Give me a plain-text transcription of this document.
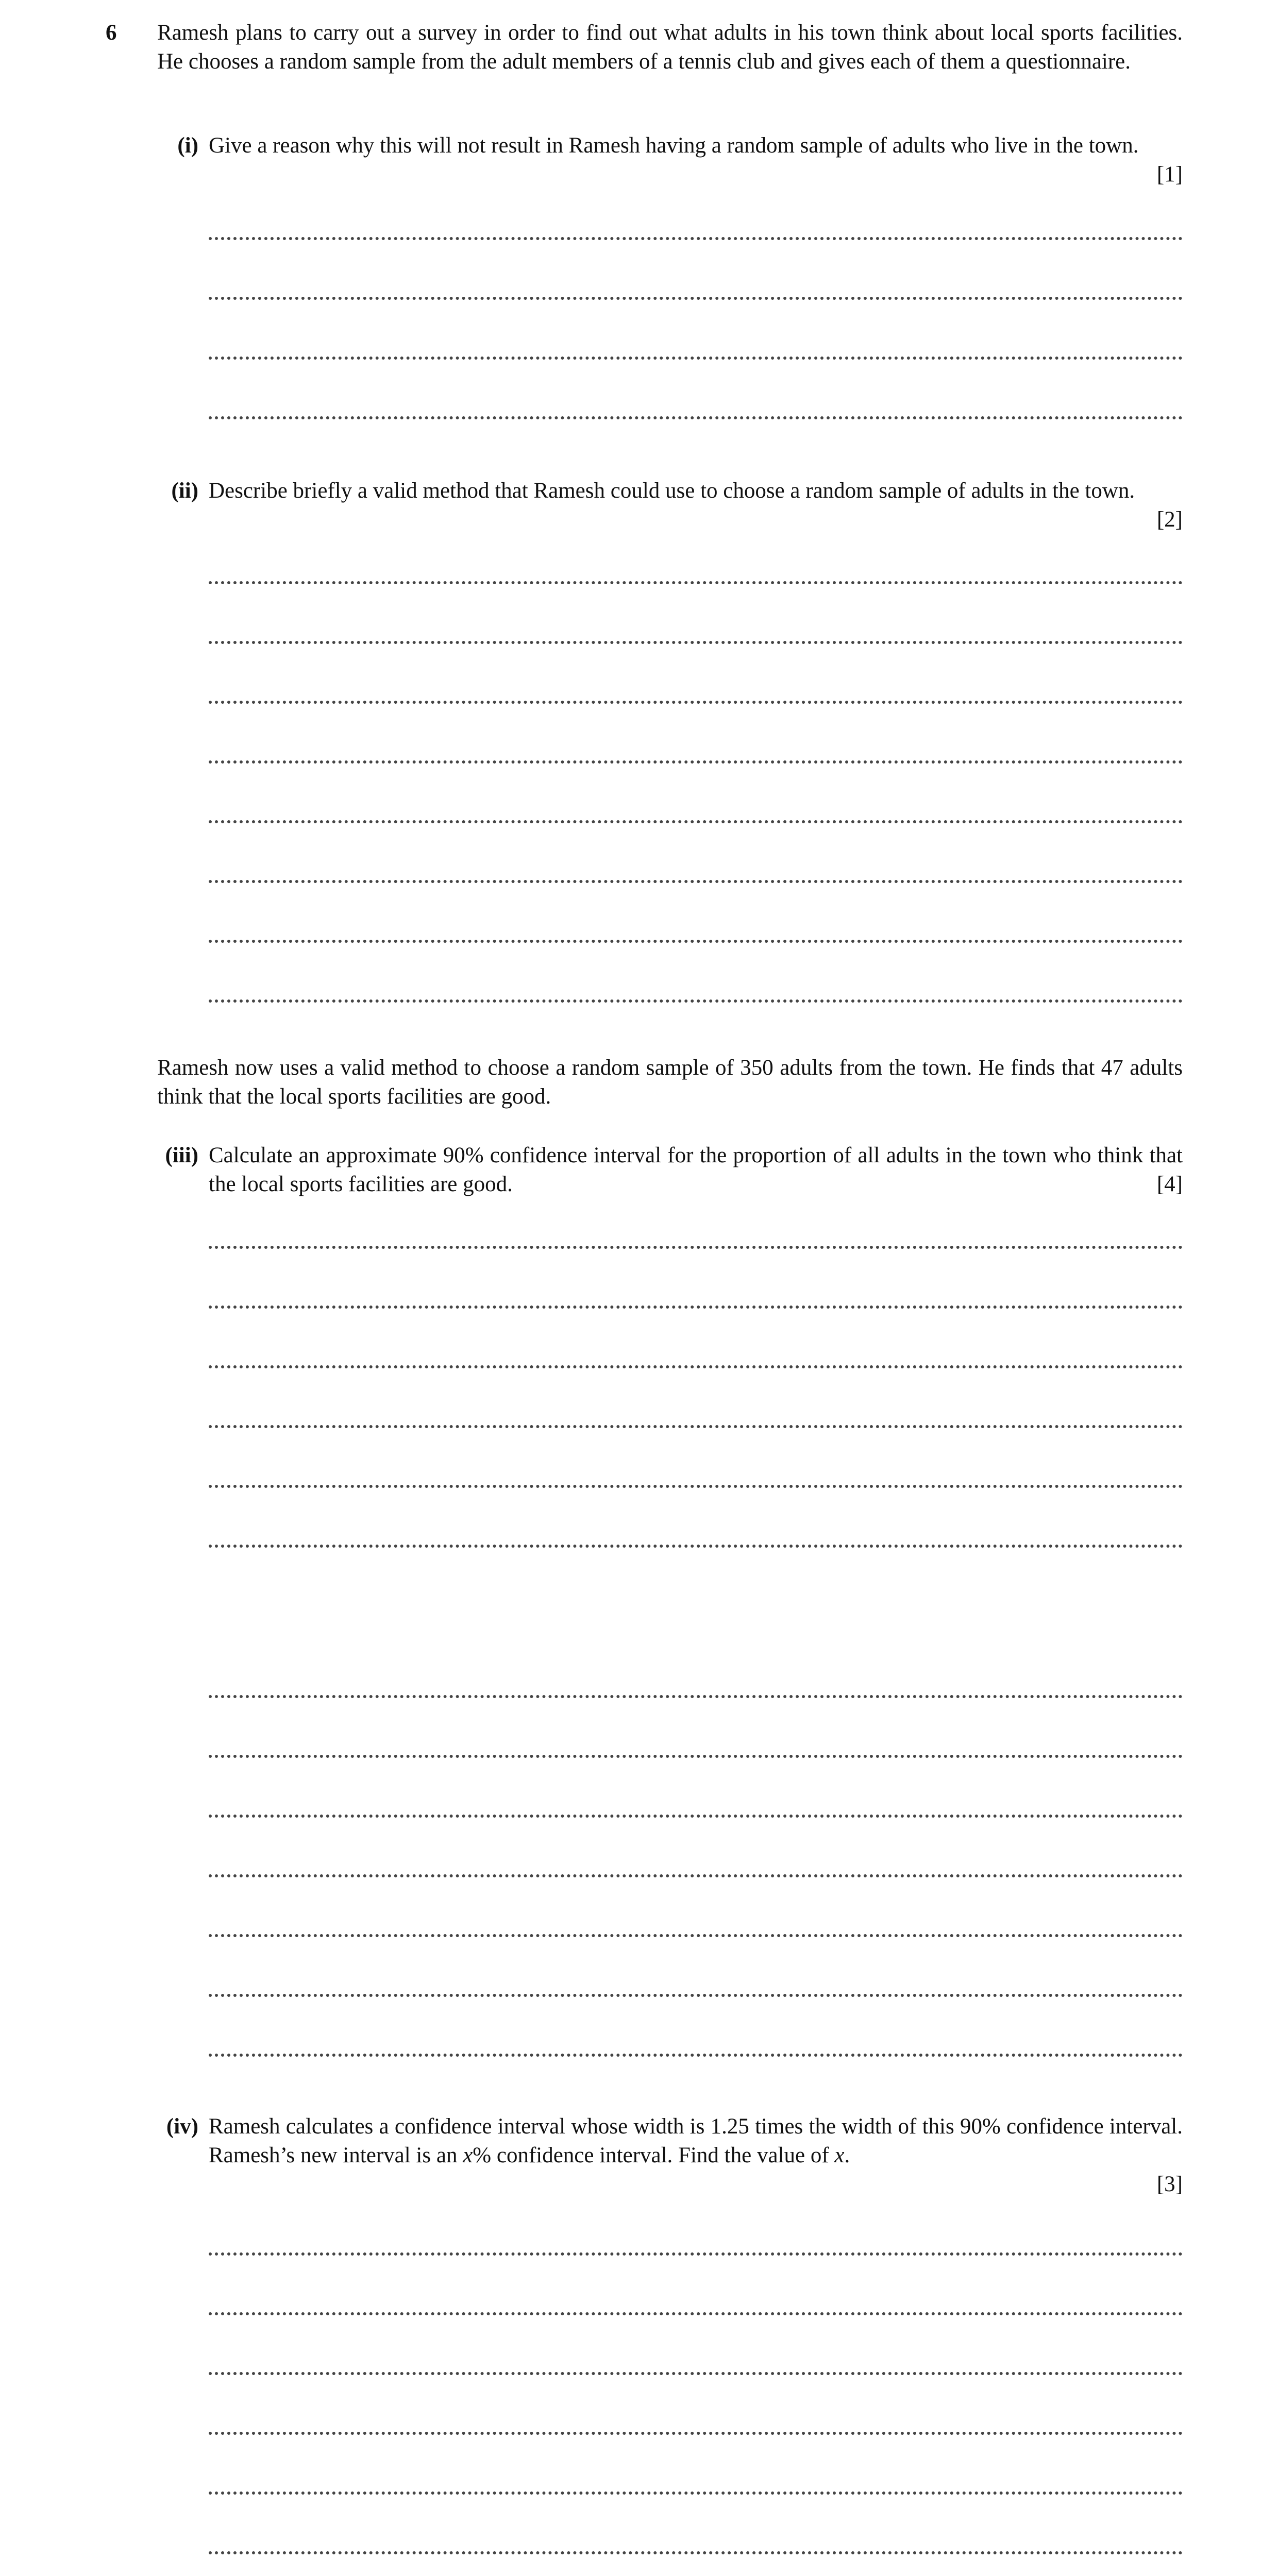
6 Ramesh plans to carry out a survey in order to find out what adults in his town think about local sports facilities. He chooses a random sample from the adult members of a tennis club and gives each of them a questionnaire.

(i) Give a reason why this will not result in Ramesh having a random sample of adults who live in the town.

[1]
(ii) Describe briefly a valid method that Ramesh could use to choose a random sample of adults in the town.

[2]

Ramesh now uses a valid method to choose a random sample of 350 adults from the town. He finds that 47 adults think that the local sports facilities are good.

(iii) Calculate an approximate 90% confidence interval for the proportion of all adults in the town who think that the local sports facilities are good.	[4]
(iv) Ramesh calculates a confidence interval whose width is 1.25 times the width of this 90% confidence interval. Ramesh’s new interval is an x% confidence interval. Find the value of x.

[3]
